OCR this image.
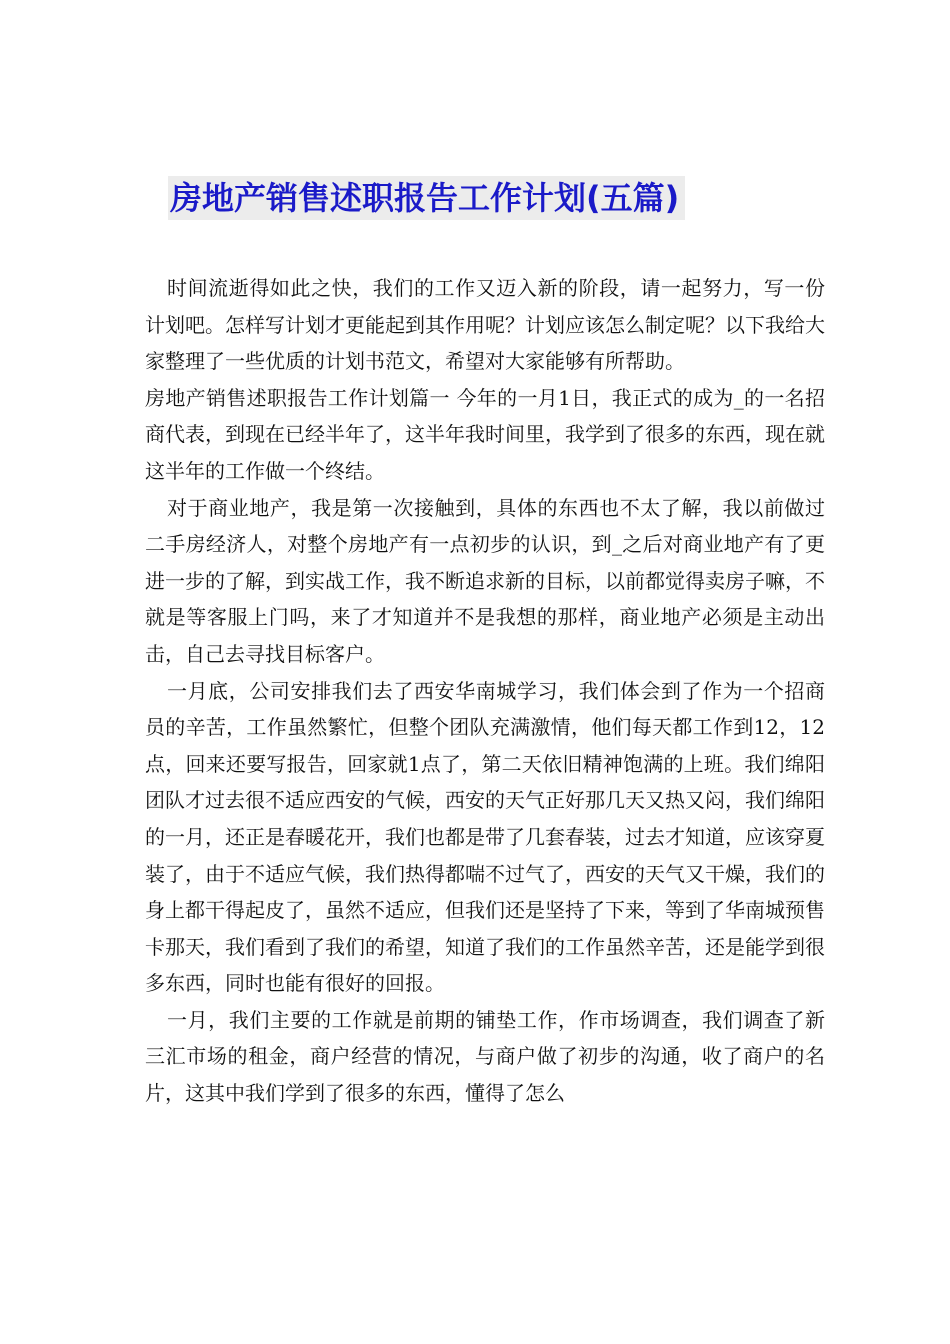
房地产销售述职报告工作计划(五篇)

时间流逝得如此之快，我们的工作又迈入新的阶段，请一起努力，写一份计划吧。怎样写计划才更能起到其作用呢？计划应该怎么制定呢？以下我给大家整理了一些优质的计划书范文，希望对大家能够有所帮助。

房地产销售述职报告工作计划篇一 今年的一月1日，我正式的成为_的一名招商代表，到现在已经半年了，这半年我时间里，我学到了很多的东西，现在就这半年的工作做一个终结。

对于商业地产，我是第一次接触到，具体的东西也不太了解，我以前做过二手房经济人，对整个房地产有一点初步的认识，到_之后对商业地产有了更进一步的了解，到实战工作，我不断追求新的目标，以前都觉得卖房子嘛，不就是等客服上门吗，来了才知道并不是我想的那样，商业地产必须是主动出击，自己去寻找目标客户。

一月底，公司安排我们去了西安华南城学习，我们体会到了作为一个招商员的辛苦，工作虽然繁忙，但整个团队充满激情，他们每天都工作到12，12点，回来还要写报告，回家就1点了，第二天依旧精神饱满的上班。我们绵阳团队才过去很不适应西安的气候，西安的天气正好那几天又热又闷，我们绵阳的一月，还正是春暖花开，我们也都是带了几套春装，过去才知道，应该穿夏装了，由于不适应气候，我们热得都喘不过气了，西安的天气又干燥，我们的身上都干得起皮了，虽然不适应，但我们还是坚持了下来，等到了华南城预售卡那天，我们看到了我们的希望，知道了我们的工作虽然辛苦，还是能学到很多东西，同时也能有很好的回报。

一月，我们主要的工作就是前期的铺垫工作，作市场调查，我们调查了新三汇市场的租金，商户经营的情况，与商户做了初步的沟通，收了商户的名片，这其中我们学到了很多的东西，懂得了怎么
